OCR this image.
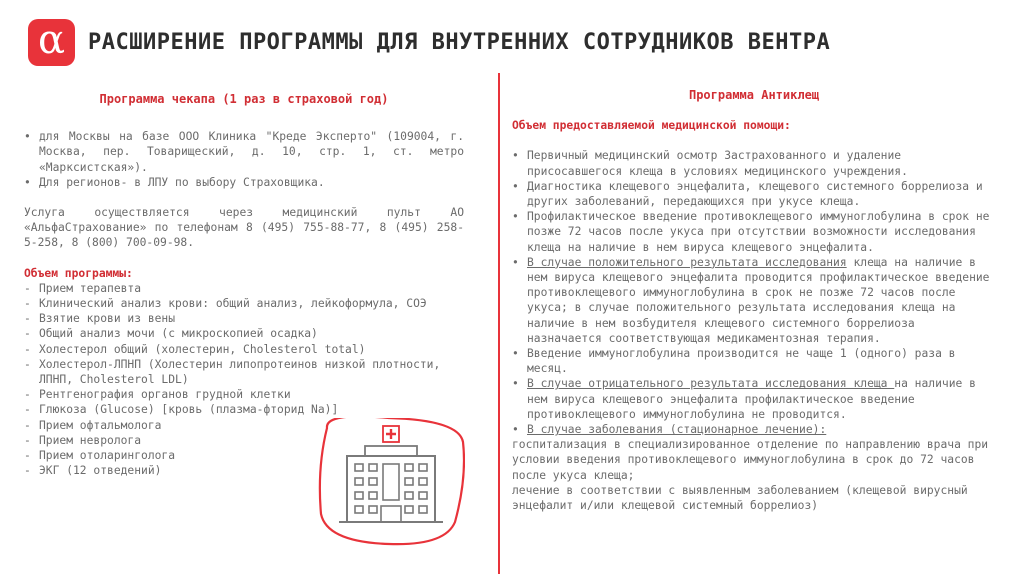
α РАСШИРЕНИЕ ПРОГРАММЫ ДЛЯ ВНУТРЕННИХ СОТРУДНИКОВ ВЕНТРА
Программа чекапа (1 раз в страховой год)
• для Москвы на базе ООО Клиника "Креде Эксперто" (109004, г. Москва, пер. Товарищеский, д. 10, стр. 1, ст. метро «Марксистская»).
• Для регионов- в ЛПУ по выбору Страховщика.
Услуга осуществляется через медицинский пульт АО «АльфаСтрахование» по телефонам 8 (495) 755-88-77, 8 (495) 258-5-258, 8 (800) 700-09-98.
Объем программы:
- Прием терапевта
- Клинический анализ крови: общий анализ, лейкоформула, СОЭ
- Взятие крови из вены
- Общий анализ мочи (с микроскопией осадка)
- Холестерол общий (холестерин, Cholesterol total)
- Холестерол-ЛПНП (Холестерин липопротеинов низкой плотности, ЛПНП, Cholesterol LDL)
- Рентгенография органов грудной клетки
- Глюкоза (Glucose) [кровь (плазма-фторид Na)]
- Прием офтальмолога
- Прием невролога
- Прием отоларинголога
- ЭКГ (12 отведений)
Программа Антиклещ
Объем предоставляемой медицинской помощи:
• Первичный медицинский осмотр Застрахованного и удаление присосавшегося клеща в условиях медицинского учреждения.
• Диагностика клещевого энцефалита, клещевого системного боррелиоза и других заболеваний, передающихся при укусе клеща.
• Профилактическое введение противоклещевого иммуноглобулина в срок не позже 72 часов после укуса при отсутствии возможности исследования клеща на наличие в нем вируса клещевого энцефалита.
• В случае положительного результата исследования клеща на наличие в нем вируса клещевого энцефалита проводится профилактическое введение противоклещевого иммуноглобулина в срок не позже 72 часов после укуса; в случае положительного результата исследования клеща на наличие в нем возбудителя клещевого системного боррелиоза назначается соответствующая медикаментозная терапия.
• Введение иммуноглобулина производится не чаще 1 (одного) раза в месяц.
• В случае отрицательного результата исследования клеща на наличие в нем вируса клещевого энцефалита профилактическое введение противоклещевого иммуноглобулина не проводится.
• В случае заболевания (стационарное лечение):
госпитализация в специализированное отделение по направлению врача при условии введения противоклещевого иммуноглобулина в срок до 72 часов после укуса клеща;
лечение в соответствии с выявленным заболеванием (клещевой вирусный энцефалит и/или клещевой системный боррелиоз)
